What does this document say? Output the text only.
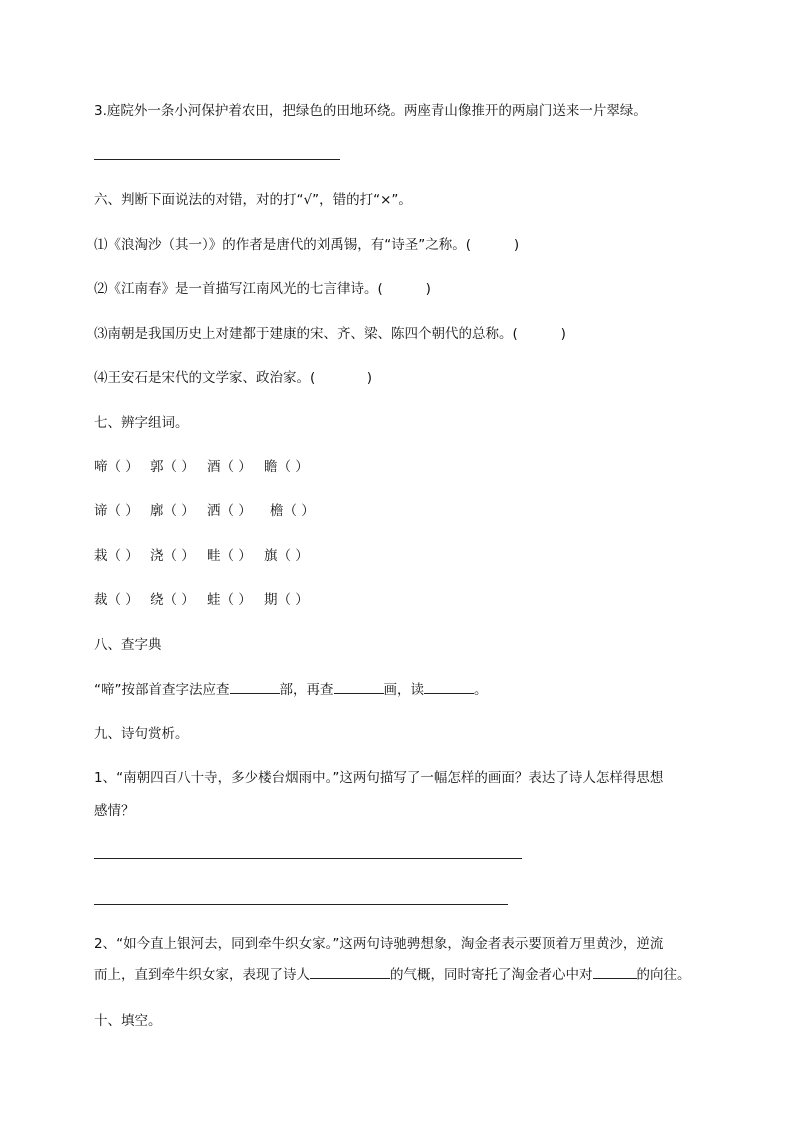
3.庭院外一条小河保护着农田，把绿色的田地环绕。两座青山像推开的两扇门送来一片翠绿。
六、判断下面说法的对错，对的打“√”，错的打“×”。
⑴《浪淘沙（其一）》的作者是唐代的刘禹锡，有“诗圣”之称。(          )
⑵《江南春》是一首描写江南风光的七言律诗。(          )
⑶南朝是我国历史上对建都于建康的宋、齐、梁、陈四个朝代的总称。(          )
⑷王安石是宋代的文学家、政治家。(            )
七、辨字组词。
啼（ ） 郭（ ） 酒（ ） 瞻（ ）
谛（ ） 廓（ ） 洒（ ） 檐（ ）
栽（ ） 浇（ ） 畦（ ） 旗（ ）
裁（ ） 绕（ ） 蛙（ ） 期（ ）
八、查字典
“啼”按部首查字法应查	部，再查	画，读	。
九、诗句赏析。
1、“南朝四百八十寺，多少楼台烟雨中。”这两句描写了一幅怎样的画面？表达了诗人怎样得思想
感情？
2、“如今直上银河去，同到牵牛织女家。”这两句诗驰骋想象，淘金者表示要顶着万里黄沙，逆流
而上，直到牵牛织女家，表现了诗人	的气概，同时寄托了淘金者心中对	的向往。
十、填空。
